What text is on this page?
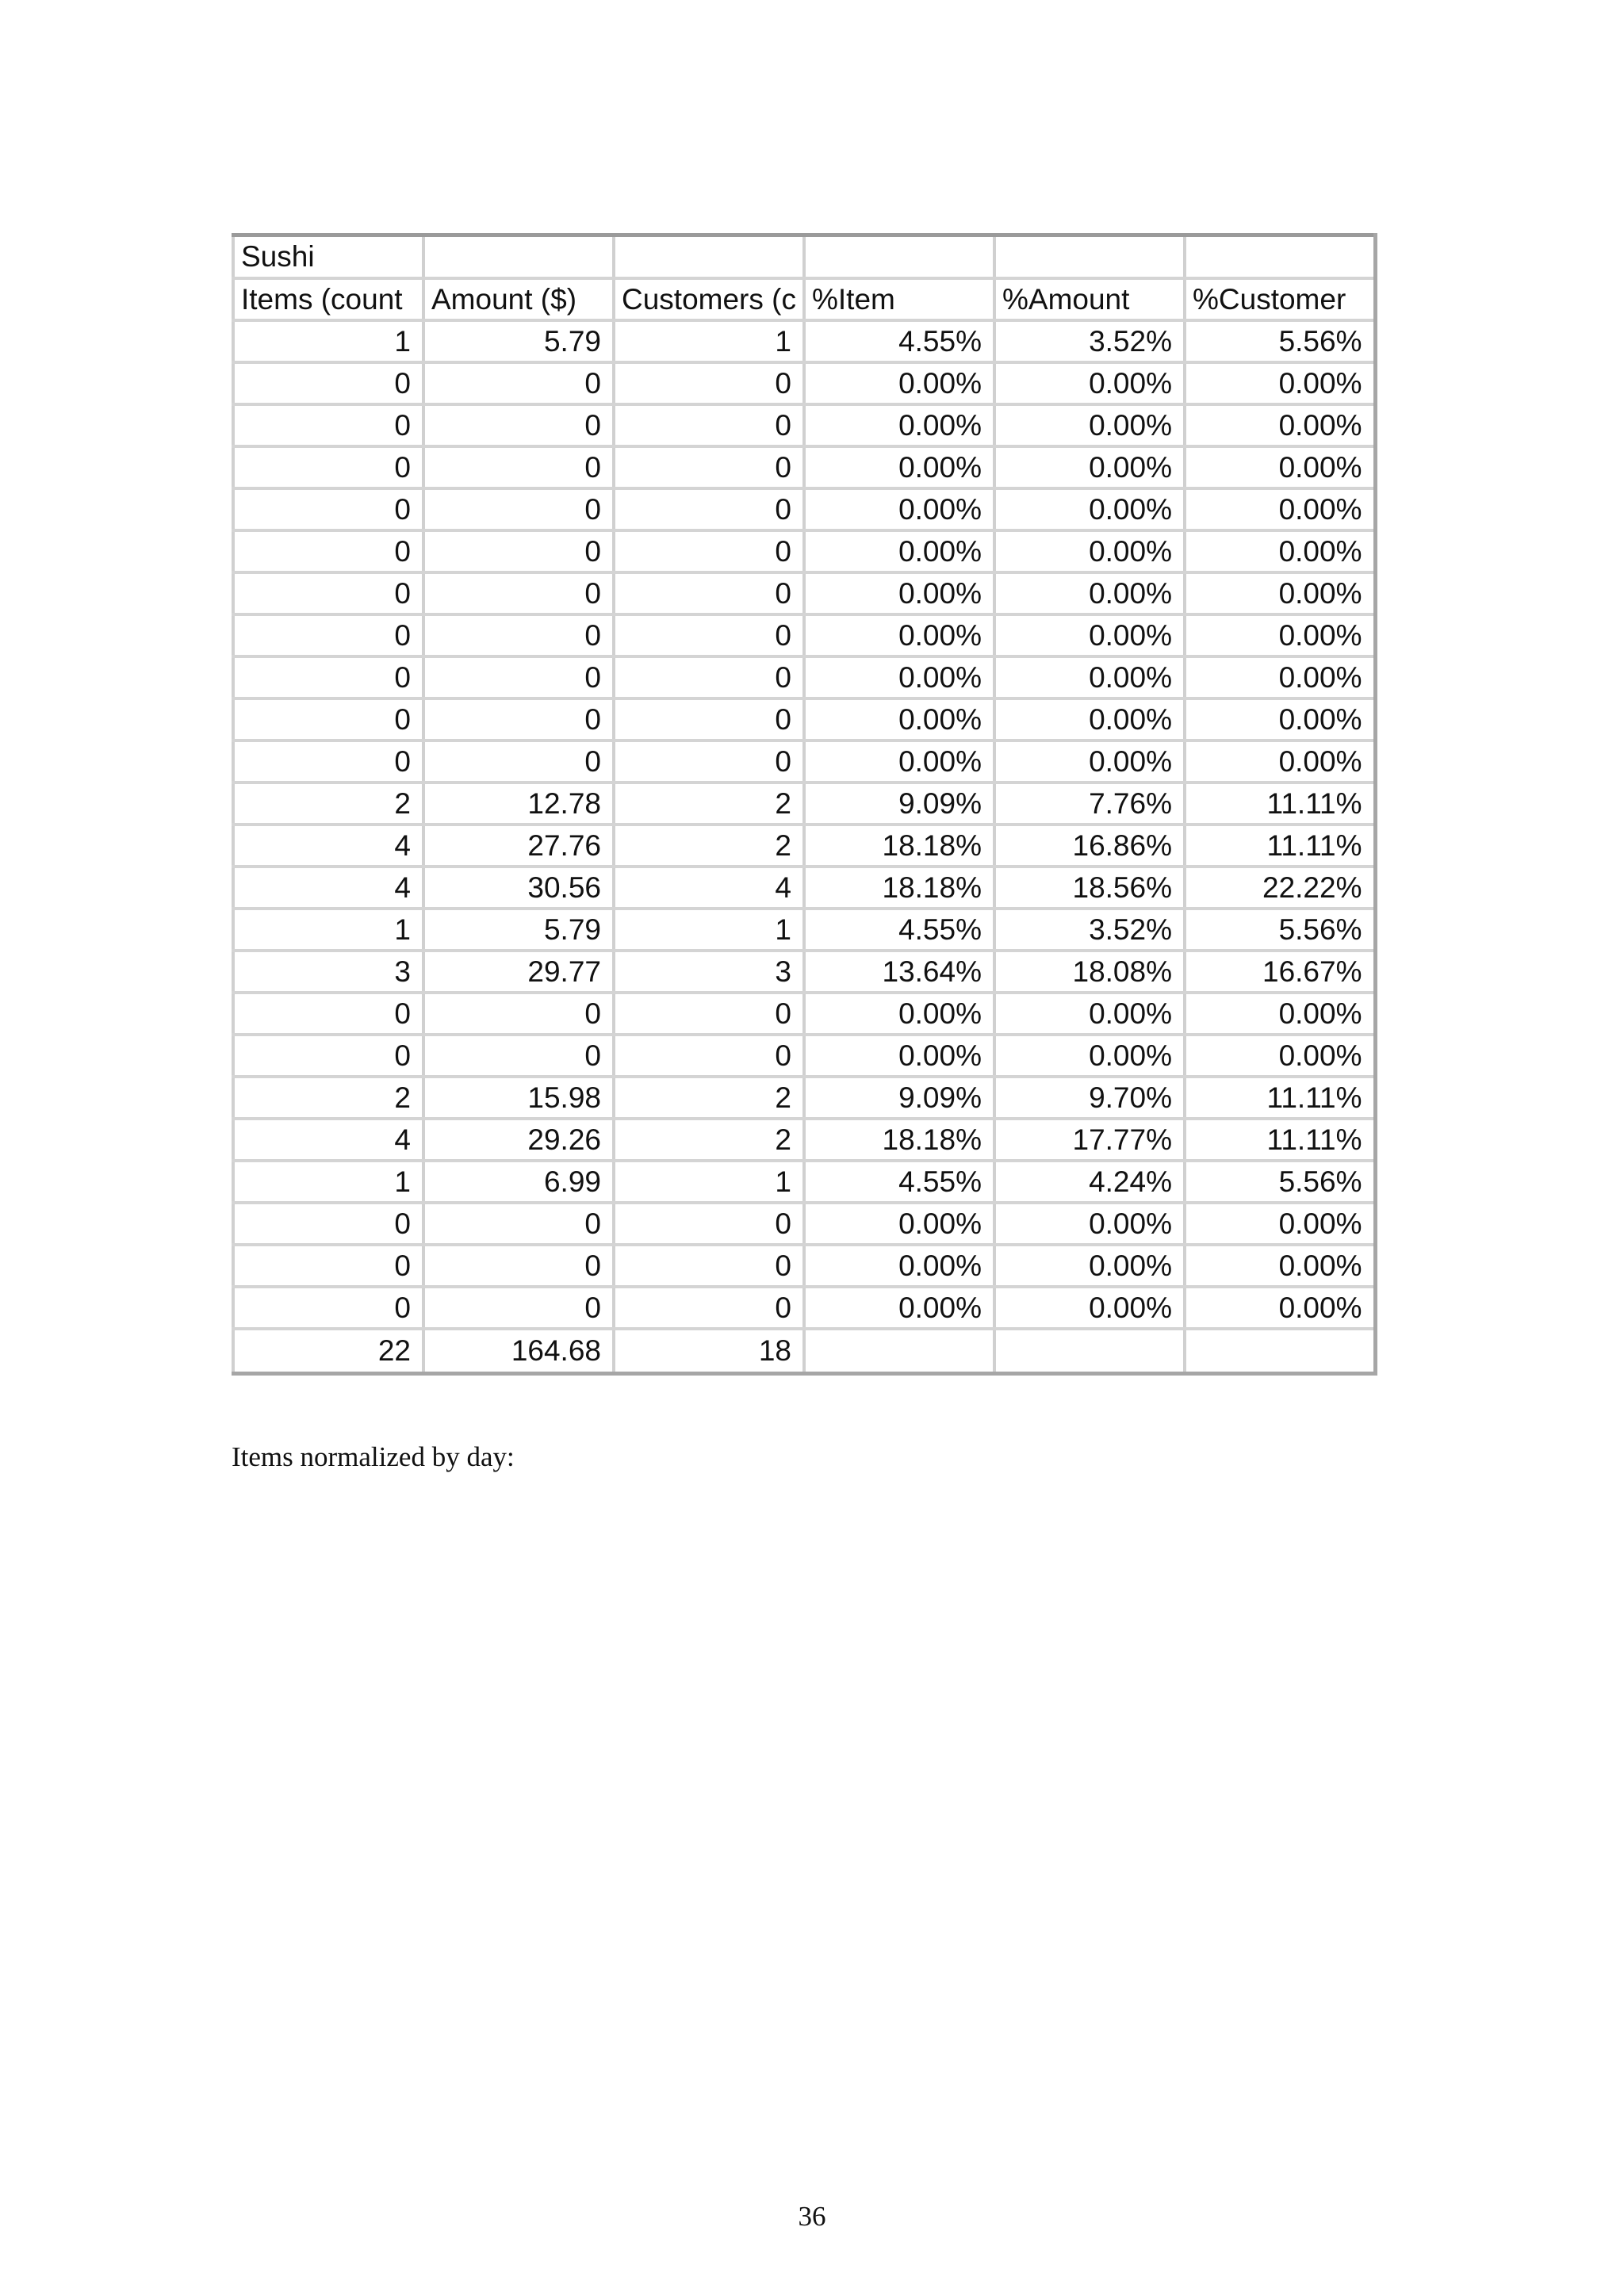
Sushi					
Items (count	Amount ($)	Customers (c	%Item	%Amount	%Customer
1	5.79	1	4.55%	3.52%	5.56%
0	0	0	0.00%	0.00%	0.00%
0	0	0	0.00%	0.00%	0.00%
0	0	0	0.00%	0.00%	0.00%
0	0	0	0.00%	0.00%	0.00%
0	0	0	0.00%	0.00%	0.00%
0	0	0	0.00%	0.00%	0.00%
0	0	0	0.00%	0.00%	0.00%
0	0	0	0.00%	0.00%	0.00%
0	0	0	0.00%	0.00%	0.00%
0	0	0	0.00%	0.00%	0.00%
2	12.78	2	9.09%	7.76%	11.11%
4	27.76	2	18.18%	16.86%	11.11%
4	30.56	4	18.18%	18.56%	22.22%
1	5.79	1	4.55%	3.52%	5.56%
3	29.77	3	13.64%	18.08%	16.67%
0	0	0	0.00%	0.00%	0.00%
0	0	0	0.00%	0.00%	0.00%
2	15.98	2	9.09%	9.70%	11.11%
4	29.26	2	18.18%	17.77%	11.11%
1	6.99	1	4.55%	4.24%	5.56%
0	0	0	0.00%	0.00%	0.00%
0	0	0	0.00%	0.00%	0.00%
0	0	0	0.00%	0.00%	0.00%
22	164.68	18			
Items normalized by day:
36
